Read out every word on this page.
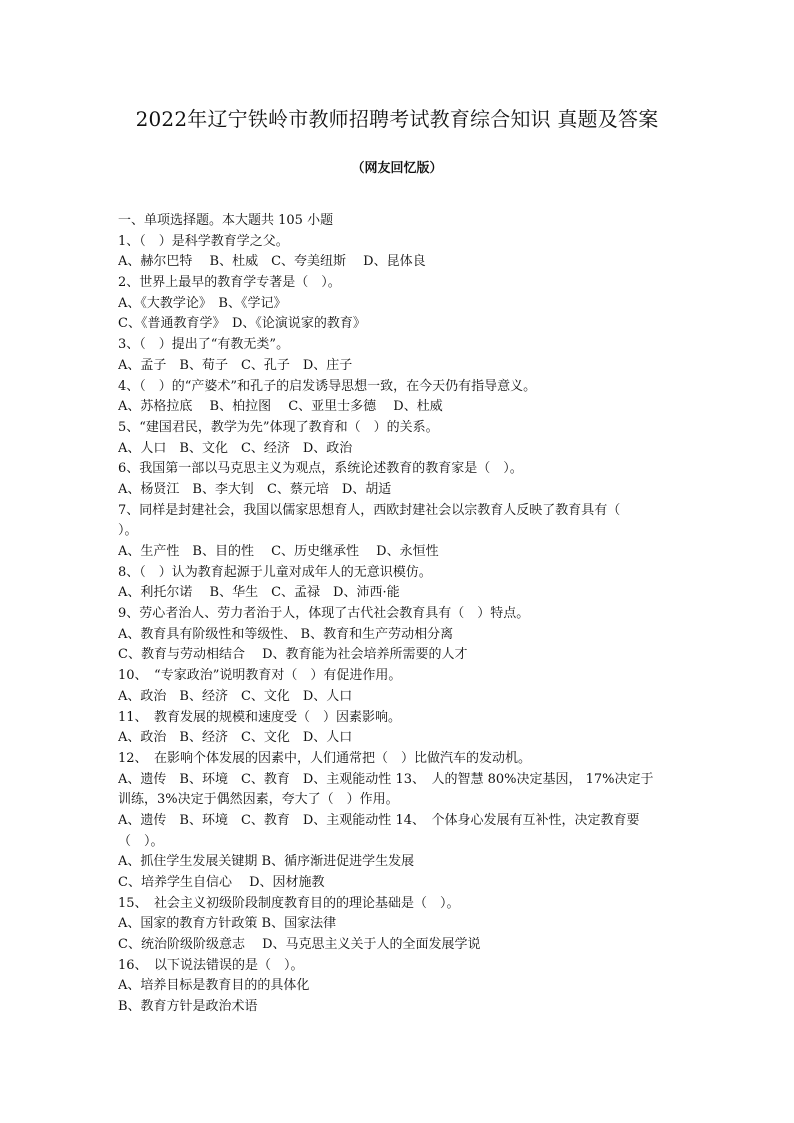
2022年辽宁铁岭市教师招聘考试教育综合知识 真题及答案
（网友回忆版）
一、单项选择题。本大题共 105 小题
1、（　）是科学教育学之父。
A、赫尔巴特　 B、杜威　C、夸美纽斯　 D、昆体良
2、世界上最早的教育学专著是（　）。
A、《大教学论》　B、《学记》
C、《普通教育学》　D、《论演说家的教育》
3、（　）提出了“有教无类”。
A、孟子　B、荀子　C、孔子　D、庄子
4、（　）的“产婆术”和孔子的启发诱导思想一致，在今天仍有指导意义。
A、苏格拉底　 B、柏拉图　 C、亚里士多德　 D、杜威
5、“建国君民，教学为先”体现了教育和（　）的关系。
A、人口　B、文化　C、经济　D、政治
6、我国第一部以马克思主义为观点，系统论述教育的教育家是（　）。
A、杨贤江　B、李大钊　C、蔡元培　D、胡适
7、同样是封建社会，我国以儒家思想育人，西欧封建社会以宗教育人反映了教育具有（
）。
A、生产性　B、目的性　 C、历史继承性　 D、永恒性
8、（　）认为教育起源于儿童对成年人的无意识模仿。
A、利托尔诺　 B、华生　C、孟禄　D、沛西·能
9、劳心者治人、劳力者治于人，体现了古代社会教育具有（　）特点。
A、教育具有阶级性和等级性、 B、教育和生产劳动相分离
C、教育与劳动相结合　 D、教育能为社会培养所需要的人才
10、　“专家政治”说明教育对（　）有促进作用。
A、政治　B、经济　C、文化　D、人口
11、　教育发展的规模和速度受（　）因素影响。
A、政治　B、经济　C、文化　D、人口
12、　在影响个体发展的因素中，人们通常把（　）比做汽车的发动机。
A、遗传　B、环境　C、教育　D、主观能动性 13、　人的智慧 80%决定基因， 17%决定于
训练，3%决定于偶然因素，夸大了（　）作用。
A、遗传　B、环境　C、教育　D、主观能动性 14、　个体身心发展有互补性，决定教育要
（　）。
A、抓住学生发展关键期 B、循序渐进促进学生发展
C、培养学生自信心　 D、因材施教
15、　社会主义初级阶段制度教育目的的理论基础是（　）。
A、国家的教育方针政策 B、国家法律
C、统治阶级阶级意志　 D、马克思主义关于人的全面发展学说
16、　以下说法错误的是（　）。
A、培养目标是教育目的的具体化
B、教育方针是政治术语
